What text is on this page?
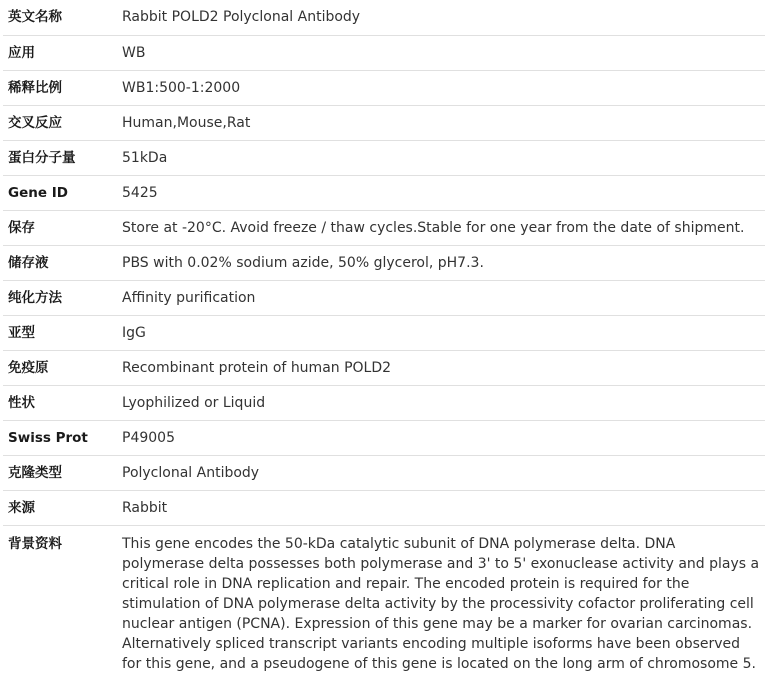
英文名称	Rabbit POLD2 Polyclonal Antibody
应用	WB
稀释比例	WB1:500-1:2000
交叉反应	Human,Mouse,Rat
蛋白分子量	51kDa
Gene ID	5425
保存	Store at -20°C. Avoid freeze / thaw cycles.Stable for one year from the date of shipment.
储存液	PBS with 0.02% sodium azide, 50% glycerol, pH7.3.
纯化方法	Affinity purification
亚型	IgG
免疫原	Recombinant protein of human POLD2
性状	Lyophilized or Liquid
Swiss Prot	P49005
克隆类型	Polyclonal Antibody
来源	Rabbit
背景资料	This gene encodes the 50-kDa catalytic subunit of DNA polymerase delta. DNA polymerase delta possesses both polymerase and 3' to 5' exonuclease activity and plays a critical role in DNA replication and repair. The encoded protein is required for the stimulation of DNA polymerase delta activity by the processivity cofactor proliferating cell nuclear antigen (PCNA). Expression of this gene may be a marker for ovarian carcinomas. Alternatively spliced transcript variants encoding multiple isoforms have been observed for this gene, and a pseudogene of this gene is located on the long arm of chromosome 5.
